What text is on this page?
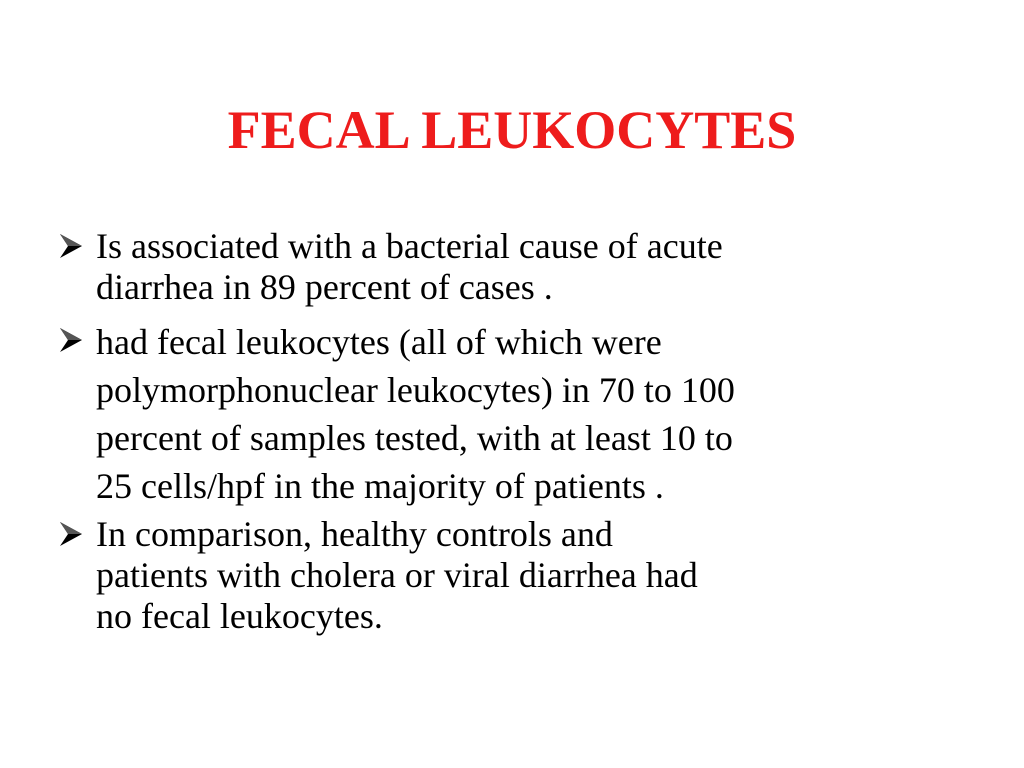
FECAL LEUKOCYTES
Is associated with a bacterial cause of acute
diarrhea in 89 percent of cases .
had fecal leukocytes (all of which were
polymorphonuclear leukocytes) in 70 to 100
percent of samples tested, with at least 10 to
25 cells/hpf in the majority of patients .
In comparison, healthy controls and
patients with cholera or viral diarrhea had
no fecal leukocytes.
